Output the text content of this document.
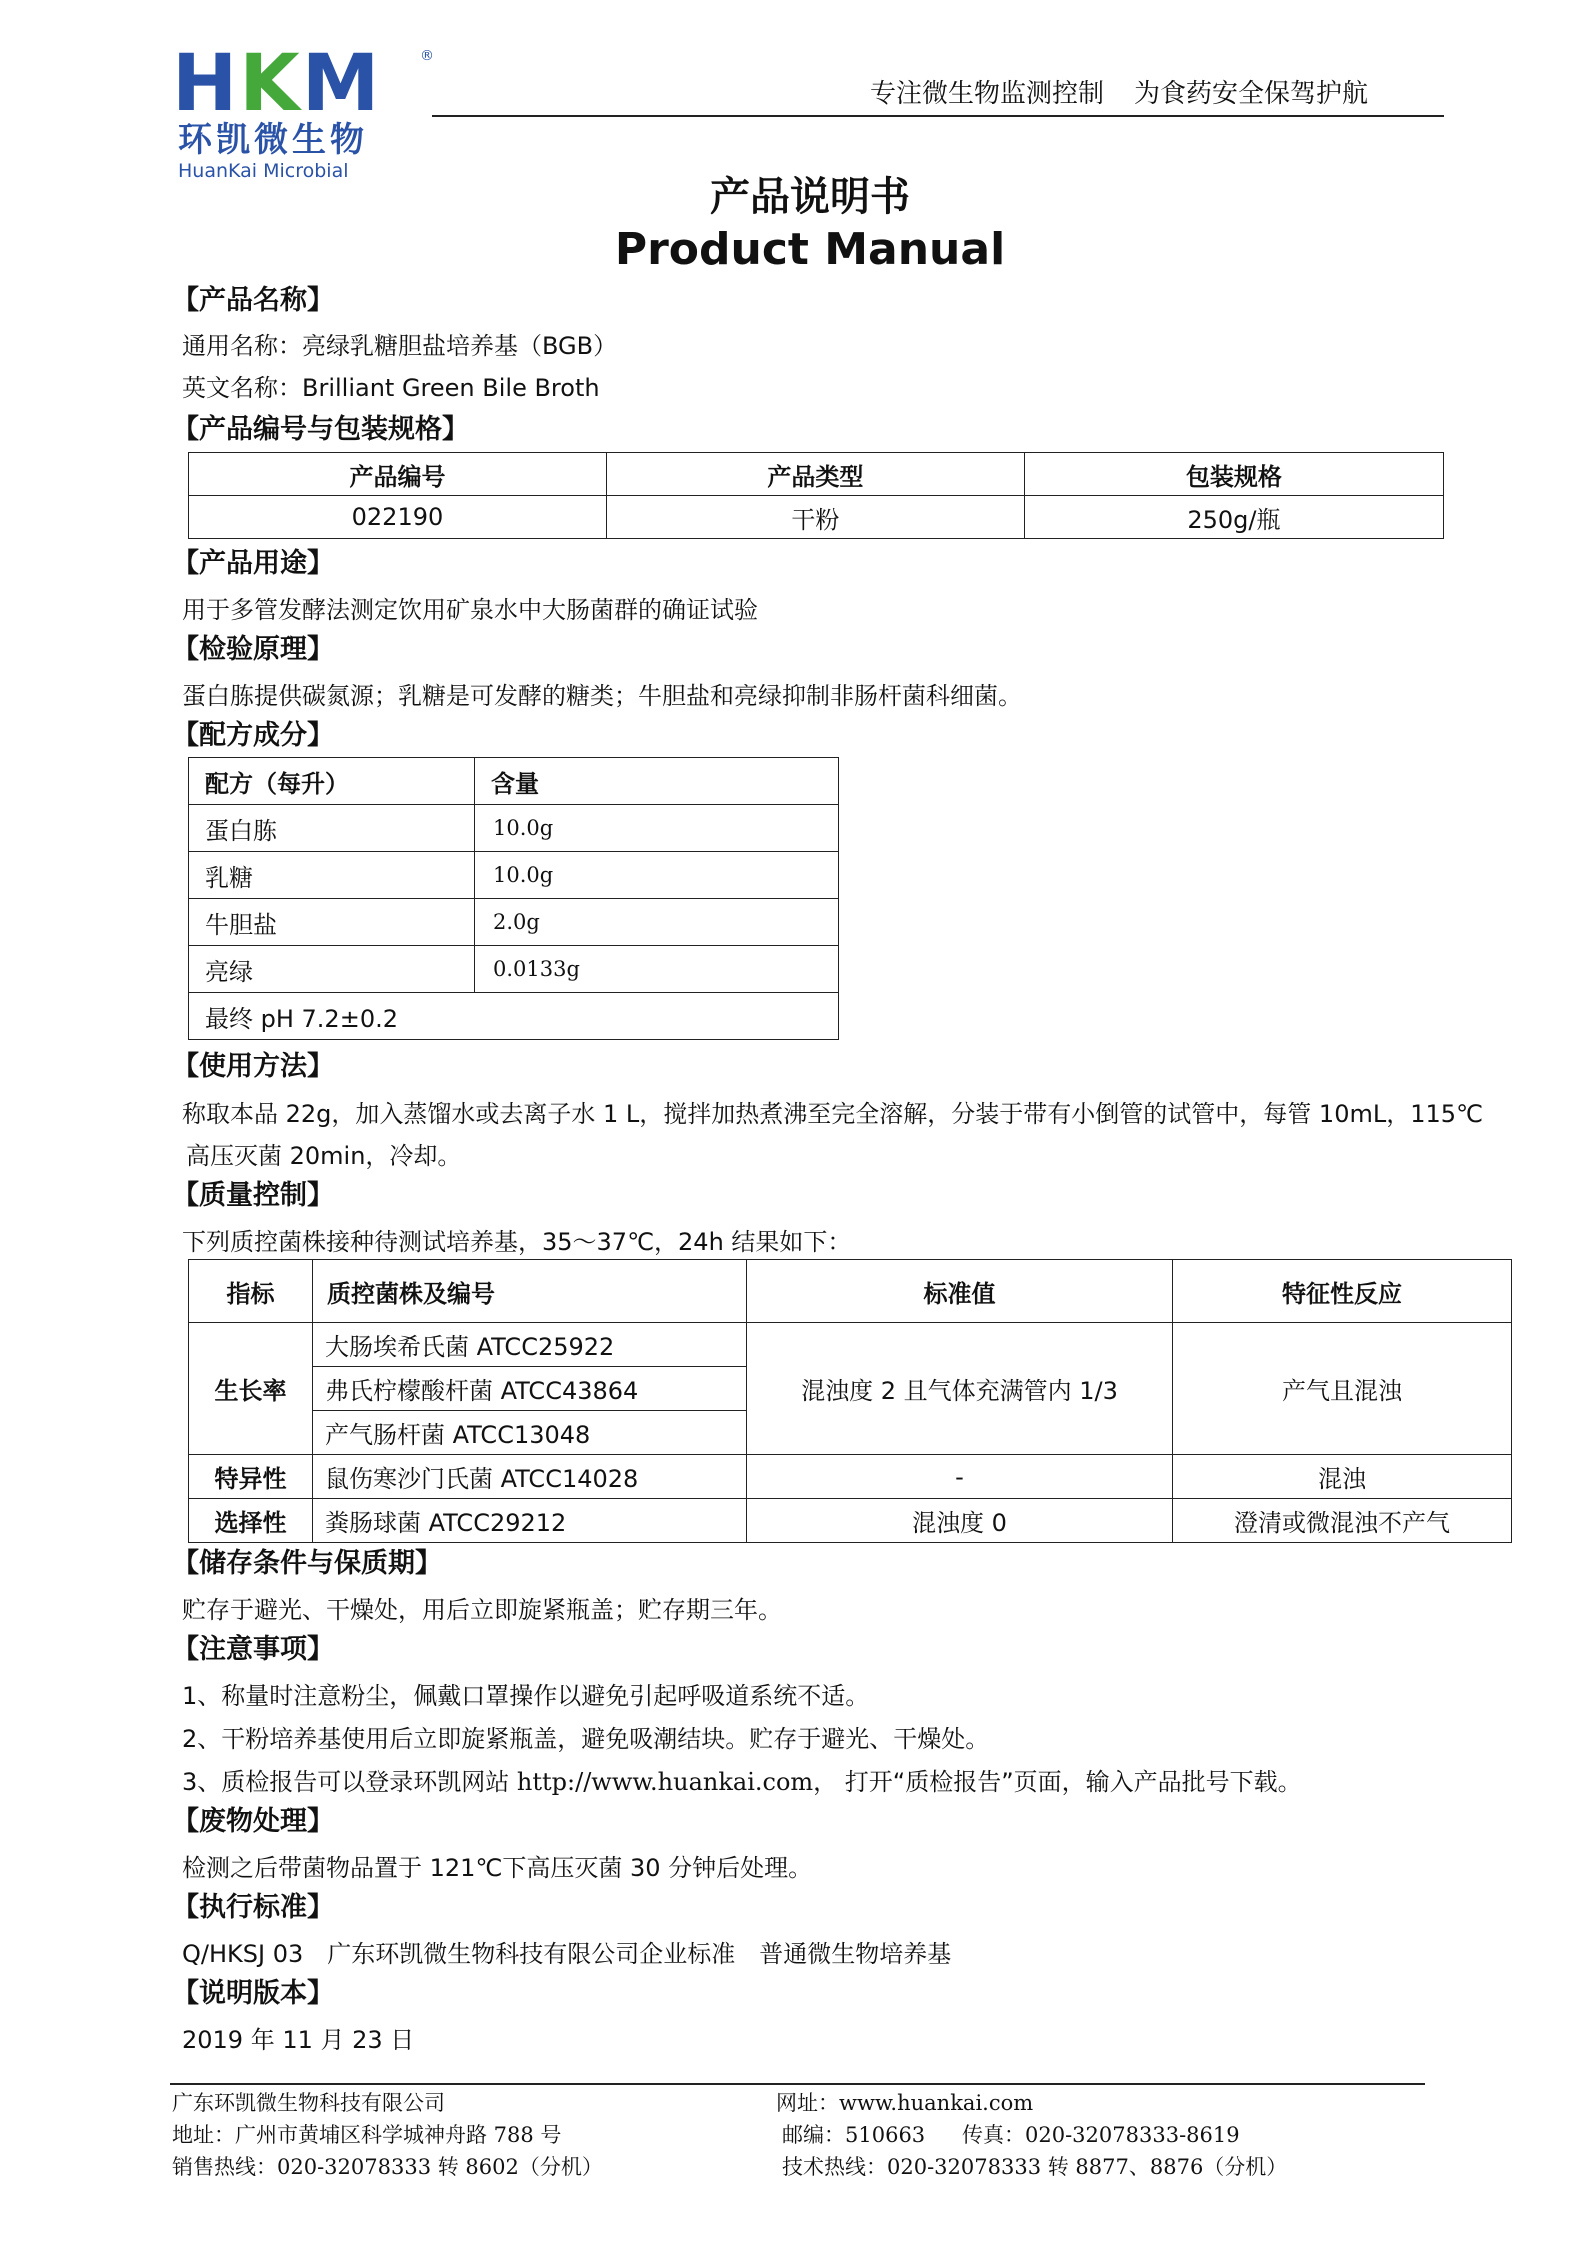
HKM	®
环凯微生物
HuanKai Microbial
专注微生物监测控制 为食药安全保驾护航
产品说明书
Product Manual
【产品名称】
通用名称：亮绿乳糖胆盐培养基（BGB）
英文名称：Brilliant Green Bile Broth
【产品编号与包装规格】
产品编号	产品类型	包装规格
022190	干粉	250g/瓶
【产品用途】
用于多管发酵法测定饮用矿泉水中大肠菌群的确证试验
【检验原理】
蛋白胨提供碳氮源；乳糖是可发酵的糖类；牛胆盐和亮绿抑制非肠杆菌科细菌。
【配方成分】
配方（每升）	含量
蛋白胨	10.0g
乳糖	10.0g
牛胆盐	2.0g
亮绿	0.0133g
最终 pH 7.2±0.2	
【使用方法】
称取本品 22g，加入蒸馏水或去离子水 1 L，搅拌加热煮沸至完全溶解，分装于带有小倒管的试管中，每管 10mL，115℃
高压灭菌 20min，冷却。
【质量控制】
下列质控菌株接种待测试培养基，35～37℃，24h 结果如下：
指标	质控菌株及编号	标准值	特征性反应
生长率	大肠埃希氏菌 ATCC25922	混浊度 2 且气体充满管内 1/3	产气且混浊
	弗氏柠檬酸杆菌 ATCC43864		
	产气肠杆菌 ATCC13048		
特异性	鼠伤寒沙门氏菌 ATCC14028	-	混浊
选择性	粪肠球菌 ATCC29212	混浊度 0	澄清或微混浊不产气
【储存条件与保质期】
贮存于避光、干燥处，用后立即旋紧瓶盖；贮存期三年。
【注意事项】
1、称量时注意粉尘，佩戴口罩操作以避免引起呼吸道系统不适。
2、干粉培养基使用后立即旋紧瓶盖，避免吸潮结块。贮存于避光、干燥处。
3、质检报告可以登录环凯网站 http://www.huankai.com， 打开“质检报告”页面，输入产品批号下载。
【废物处理】
检测之后带菌物品置于 121℃下高压灭菌 30 分钟后处理。
【执行标准】
Q/HKSJ 03　广东环凯微生物科技有限公司企业标准　普通微生物培养基
【说明版本】
2019 年 11 月 23 日
广东环凯微生物科技有限公司
地址：广州市黄埔区科学城神舟路 788 号
销售热线：020-32078333 转 8602（分机）
网址：www.huankai.com
邮编：510663 传真：020-32078333-8619
技术热线：020-32078333 转 8877、8876（分机）
